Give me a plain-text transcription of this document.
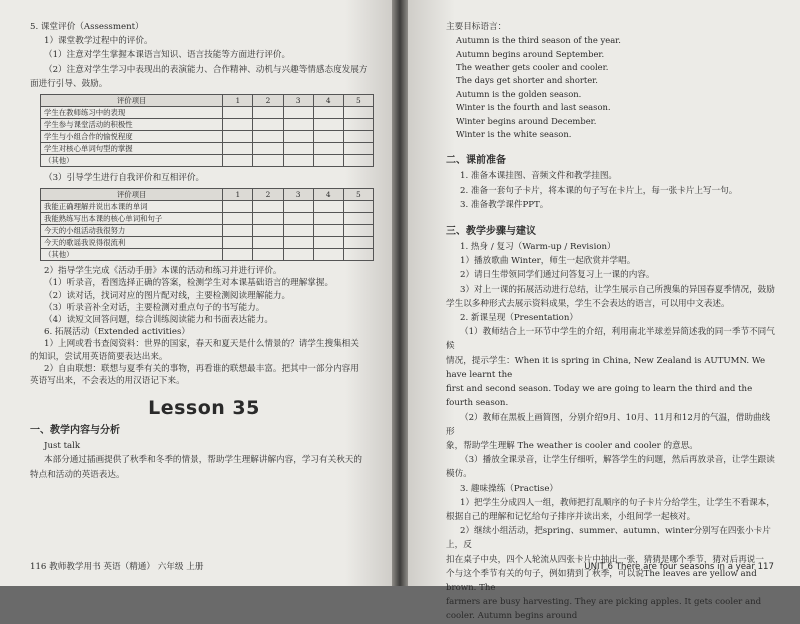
5. 课堂评价（Assessment）

1）课堂教学过程中的评价。

（1）注意对学生掌握本课语言知识、语言技能等方面进行评价。

（2）注意对学生学习中表现出的表演能力、合作精神、动机与兴趣等情感态度发展方

面进行引导、鼓励。

评价项目	1	2	3	4	5
学生在教师练习中的表现					
学生参与课堂活动的积极性					
学生与小组合作的愉悦程度					
学生对核心单词句型的掌握					
（其他）					

（3）引导学生进行自我评价和互相评价。

评价项目	1	2	3	4	5
我能正确理解并说出本课的单词					
我能熟练写出本课的核心单词和句子					
今天的小组活动我很努力					
今天的歌谣我说得很流利					
（其他）					

2）指导学生完成《活动手册》本课的活动和练习并进行评价。

（1）听录音，看图选择正确的答案，检测学生对本课基础语言的理解掌握。

（2）读对话，找词对应的图片配对线，主要检测阅读理解能力。

（3）听录音补全对话，主要检测对重点句子的书写能力。

（4）读短文回答问题，综合训练阅读能力和书面表达能力。

6. 拓展活动（Extended activities）

1）上网或看书查阅资料：世界的国家，春天和夏天是什么情景的？请学生搜集相关

的知识，尝试用英语简要表达出来。

2）自由联想：联想与夏季有关的事物，再看谁的联想最丰富。把其中一部分内容用

英语写出来，不会表达的用汉语记下来。

Lesson 35
一、教学内容与分析

Just talk

本部分通过插画提供了秋季和冬季的情景，帮助学生理解讲解内容，学习有关秋天的

特点和活动的英语表达。

116 教师教学用书 英语（精通） 六年级 上册

主要目标语言：

Autumn is the third season of the year.

Autumn begins around September.

The weather gets cooler and cooler.

The days get shorter and shorter.

Autumn is the golden season.

Winter is the fourth and last season.

Winter begins around December.

Winter is the white season.

二、课前准备

1. 准备本课挂图、音频文件和教学挂图。

2. 准备一套句子卡片，将本课的句子写在卡片上，每一张卡片上写一句。

3. 准备教学课件PPT。

三、教学步骤与建议

1. 热身 / 复习（Warm-up / Revision）

1）播放歌曲 Winter，师生一起欣赏并学唱。

2）请日生带领同学们通过问答复习上一课的内容。

3）对上一课的拓展活动进行总结，让学生展示自己所搜集的异国春夏季情况，鼓励

学生以多种形式去展示资料成果，学生不会表达的语言，可以用中文表述。

2. 新课呈现（Presentation）

（1）教师结合上一环节中学生的介绍，利用南北半球差异简述我的同一季节不同气候

情况，提示学生：When it is spring in China, New Zealand is AUTUMN. We have learnt the

first and second season. Today we are going to learn the third and the fourth season.

（2）教师在黑板上画简图，分别介绍9月、10月、11月和12月的气温，借助曲线形

象，帮助学生理解 The weather is cooler and cooler 的意思。

（3）播放全课录音，让学生仔细听，解答学生的问题，然后再放录音，让学生跟读模仿。

3. 趣味操练（Practise）

1）把学生分成四人一组，教师把打乱顺序的句子卡片分给学生，让学生不看课本，

根据自己的理解和记忆给句子排序并读出来，小组间学一起核对。

2）继续小组活动，把spring、summer、autumn、winter分别写在四张小卡片上，反

扣在桌子中央，四个人轮流从四张卡片中抽出一张，猜猜是哪个季节，猜对后再说一

个与这个季节有关的句子，例如猜到了秋季，可以说The leaves are yellow and brown. The

farmers are busy harvesting. They are picking apples. It gets cooler and cooler. Autumn begins around

UNIT 6 There are four seasons in a year 117
